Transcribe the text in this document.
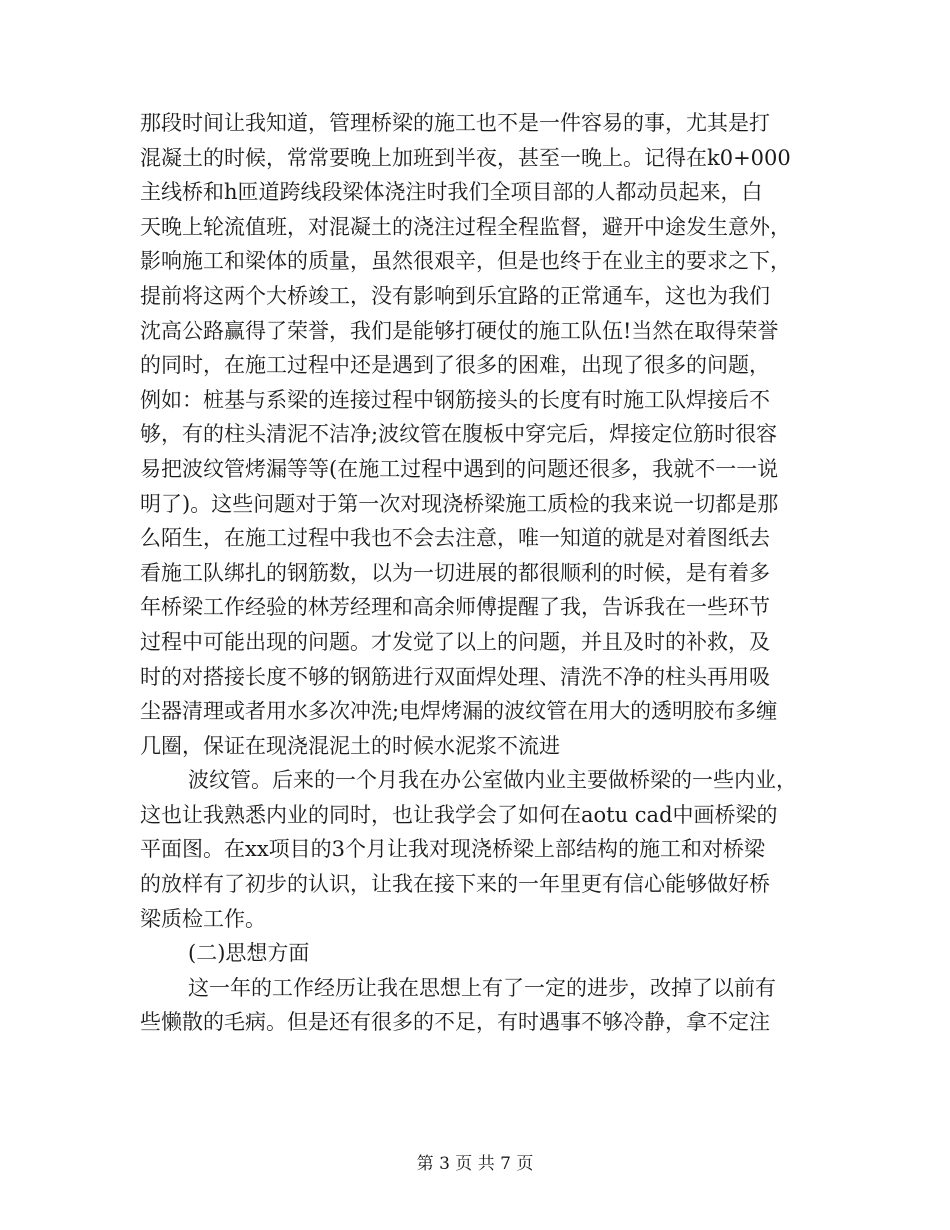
那段时间让我知道，管理桥梁的施工也不是一件容易的事，尤其是打
混凝土的时候，常常要晚上加班到半夜，甚至一晚上。记得在k0+000
主线桥和h匝道跨线段梁体浇注时我们全项目部的人都动员起来，白
天晚上轮流值班，对混凝土的浇注过程全程监督，避开中途发生意外，
影响施工和梁体的质量，虽然很艰辛，但是也终于在业主的要求之下，
提前将这两个大桥竣工，没有影响到乐宜路的正常通车，这也为我们
沈高公路赢得了荣誉，我们是能够打硬仗的施工队伍!当然在取得荣誉
的同时，在施工过程中还是遇到了很多的困难，出现了很多的问题，
例如：桩基与系梁的连接过程中钢筋接头的长度有时施工队焊接后不
够，有的柱头清泥不洁净;波纹管在腹板中穿完后，焊接定位筋时很容
易把波纹管烤漏等等(在施工过程中遇到的问题还很多，我就不一一说
明了)。这些问题对于第一次对现浇桥梁施工质检的我来说一切都是那
么陌生，在施工过程中我也不会去注意，唯一知道的就是对着图纸去
看施工队绑扎的钢筋数，以为一切进展的都很顺利的时候，是有着多
年桥梁工作经验的林芳经理和高余师傅提醒了我，告诉我在一些环节
过程中可能出现的问题。才发觉了以上的问题，并且及时的补救，及
时的对搭接长度不够的钢筋进行双面焊处理、清洗不净的柱头再用吸
尘器清理或者用水多次冲洗;电焊烤漏的波纹管在用大的透明胶布多缠
几圈，保证在现浇混泥土的时候水泥浆不流进
波纹管。后来的一个月我在办公室做内业主要做桥梁的一些内业，
这也让我熟悉内业的同时，也让我学会了如何在aotu cad中画桥梁的
平面图。在xx项目的3个月让我对现浇桥梁上部结构的施工和对桥梁
的放样有了初步的认识，让我在接下来的一年里更有信心能够做好桥
梁质检工作。
(二)思想方面
这一年的工作经历让我在思想上有了一定的进步，改掉了以前有
些懒散的毛病。但是还有很多的不足，有时遇事不够冷静，拿不定注
第 3 页 共 7 页
